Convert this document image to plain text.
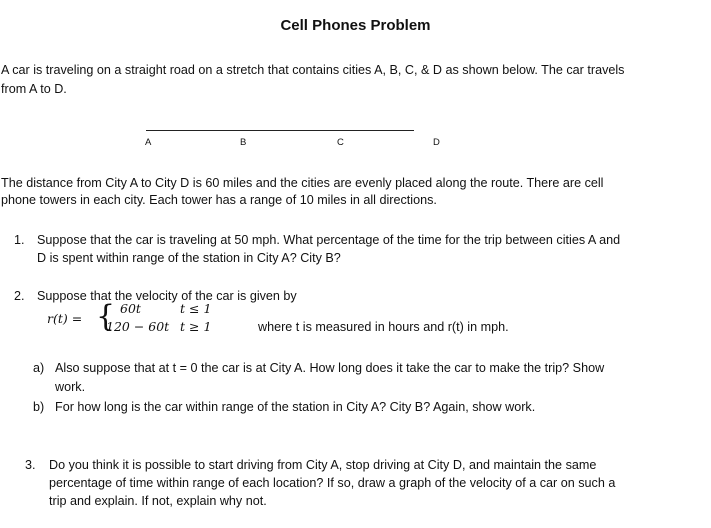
Cell Phones Problem
A car is traveling on a straight road on a stretch that contains cities A, B, C, & D as shown below. The car travels
from A to D.
A	B	C	D
The distance from City A to City D is 60 miles and the cities are evenly placed along the route. There are cell
phone towers in each city. Each tower has a range of 10 miles in all directions.
1. Suppose that the car is traveling at 50 mph. What percentage of the time for the trip between cities A and
D is spent within range of the station in City A? City B?
2. Suppose that the velocity of the car is given by
r(t) = { 60t	t ≤ 1
120 − 60t t ≥ 1	where t is measured in hours and r(t) in mph.
a) Also suppose that at t = 0 the car is at City A. How long does it take the car to make the trip? Show
work.
b) For how long is the car within range of the station in City A? City B? Again, show work.
3.	Do you think it is possible to start driving from City A, stop driving at City D, and maintain the same
percentage of time within range of each location? If so, draw a graph of the velocity of a car on such a
trip and explain. If not, explain why not.
